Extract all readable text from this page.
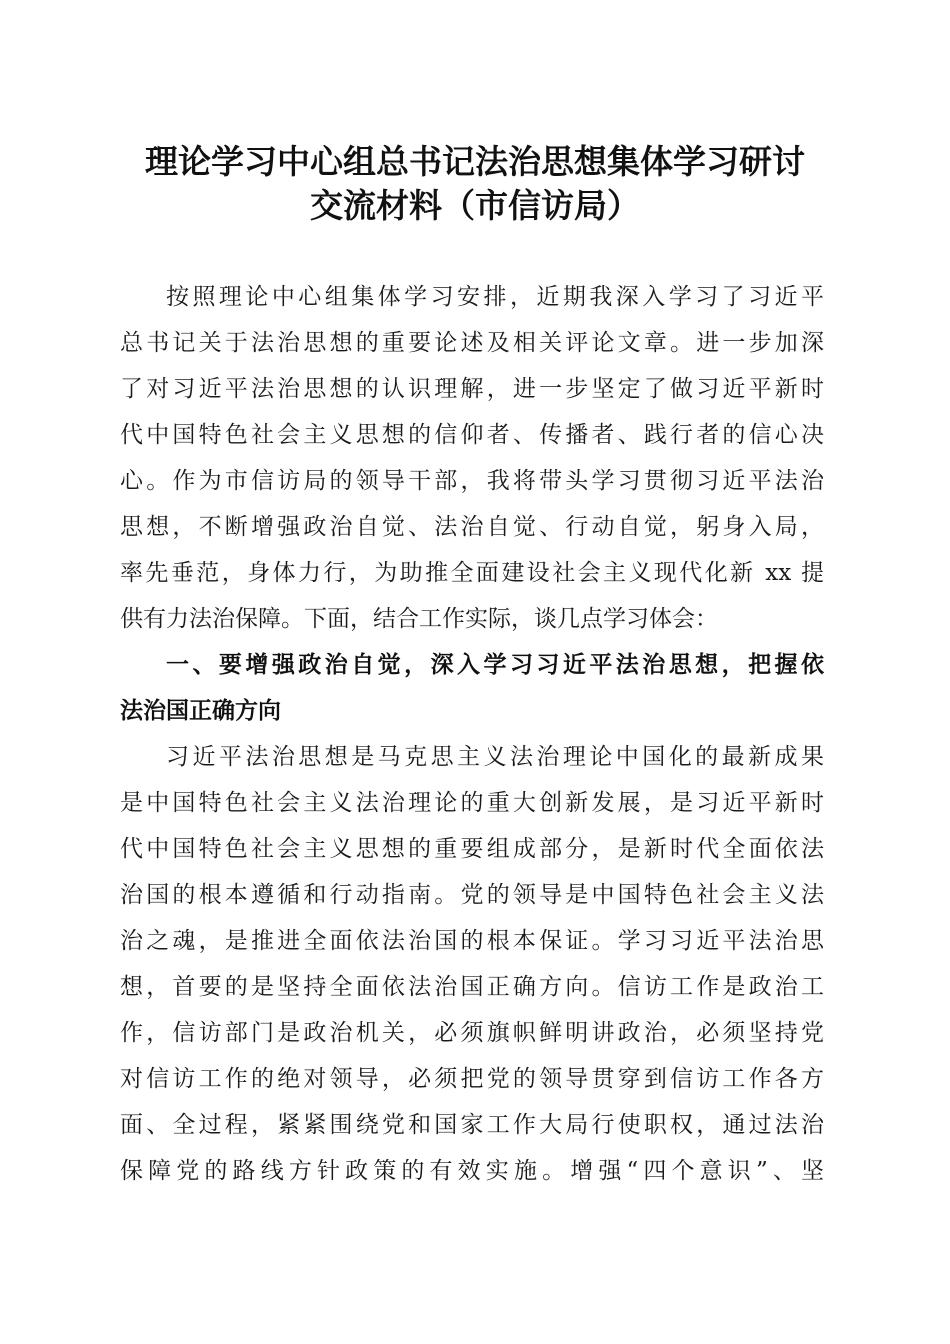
理论学习中心组总书记法治思想集体学习研讨
交流材料（市信访局）
按照理论中心组集体学习安排，近期我深入学习了习近平
总书记关于法治思想的重要论述及相关评论文章。进一步加深
了对习近平法治思想的认识理解，进一步坚定了做习近平新时
代中国特色社会主义思想的信仰者、传播者、践行者的信心决
心。作为市信访局的领导干部，我将带头学习贯彻习近平法治
思想，不断增强政治自觉、法治自觉、行动自觉，躬身入局，
率先垂范，身体力行，为助推全面建设社会主义现代化新 xx 提
供有力法治保障。下面，结合工作实际，谈几点学习体会：
一、要增强政治自觉，深入学习习近平法治思想，把握依
法治国正确方向
习近平法治思想是马克思主义法治理论中国化的最新成果
是中国特色社会主义法治理论的重大创新发展，是习近平新时
代中国特色社会主义思想的重要组成部分，是新时代全面依法
治国的根本遵循和行动指南。党的领导是中国特色社会主义法
治之魂，是推进全面依法治国的根本保证。学习习近平法治思
想，首要的是坚持全面依法治国正确方向。信访工作是政治工
作，信访部门是政治机关，必须旗帜鲜明讲政治，必须坚持党
对信访工作的绝对领导，必须把党的领导贯穿到信访工作各方
面、全过程，紧紧围绕党和国家工作大局行使职权，通过法治
保障党的路线方针政策的有效实施。增强“四个意识”、坚
